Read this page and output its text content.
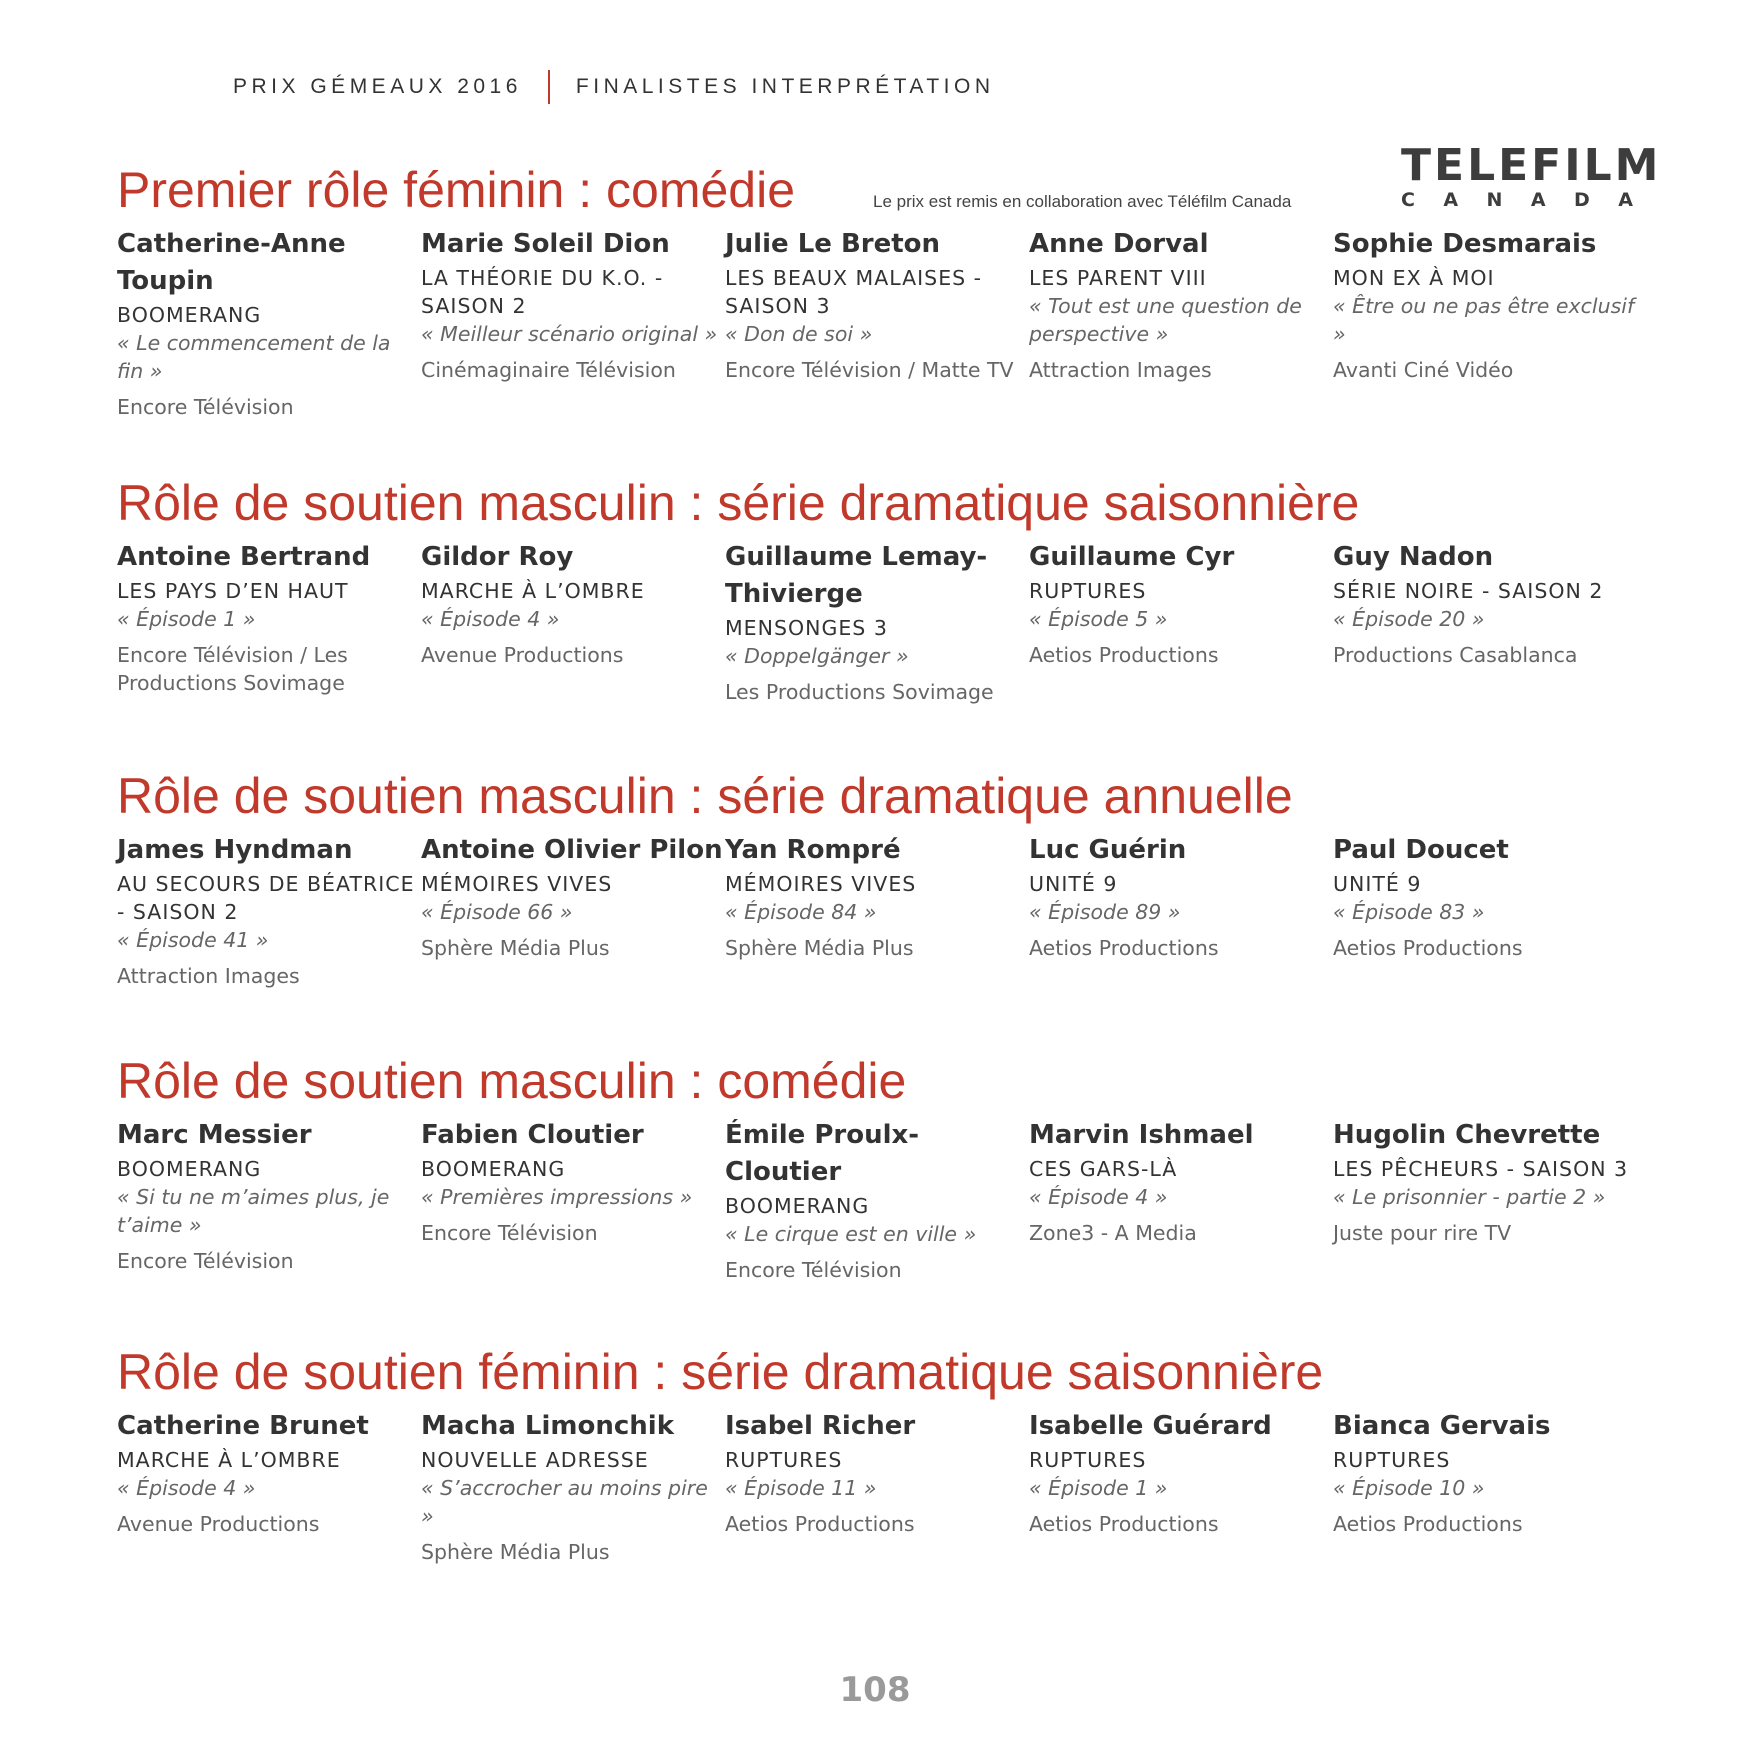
PRIX GÉMEAUX 2016	FINALISTES INTERPRÉTATION
TELEFILM
C A N A D A
Le prix est remis en collaboration avec Téléfilm Canada
Premier rôle féminin : comédie
Catherine-Anne Toupin
BOOMERANG
« Le commencement de la fin »
Encore Télévision
Marie Soleil Dion
LA THÉORIE DU K.O. - SAISON 2
« Meilleur scénario original »
Cinémaginaire Télévision
Julie Le Breton
LES BEAUX MALAISES - SAISON 3
« Don de soi »
Encore Télévision / Matte TV
Anne Dorval
LES PARENT VIII
« Tout est une question de perspective »
Attraction Images
Sophie Desmarais
MON EX À MOI
« Être ou ne pas être exclusif »
Avanti Ciné Vidéo
Rôle de soutien masculin : série dramatique saisonnière
Antoine Bertrand
LES PAYS D’EN HAUT
« Épisode 1 »
Encore Télévision / Les Productions Sovimage
Gildor Roy
MARCHE À L’OMBRE
« Épisode 4 »
Avenue Productions
Guillaume Lemay-Thivierge
MENSONGES 3
« Doppelgänger »
Les Productions Sovimage
Guillaume Cyr
RUPTURES
« Épisode 5 »
Aetios Productions
Guy Nadon
SÉRIE NOIRE - SAISON 2
« Épisode 20 »
Productions Casablanca
Rôle de soutien masculin : série dramatique annuelle
James Hyndman
AU SECOURS DE BÉATRICE - SAISON 2
« Épisode 41 »
Attraction Images
Antoine Olivier Pilon
MÉMOIRES VIVES
« Épisode 66 »
Sphère Média Plus
Yan Rompré
MÉMOIRES VIVES
« Épisode 84 »
Sphère Média Plus
Luc Guérin
UNITÉ 9
« Épisode 89 »
Aetios Productions
Paul Doucet
UNITÉ 9
« Épisode 83 »
Aetios Productions
Rôle de soutien masculin : comédie
Marc Messier
BOOMERANG
« Si tu ne m’aimes plus, je t’aime »
Encore Télévision
Fabien Cloutier
BOOMERANG
« Premières impressions »
Encore Télévision
Émile Proulx-Cloutier
BOOMERANG
« Le cirque est en ville »
Encore Télévision
Marvin Ishmael
CES GARS-LÀ
« Épisode 4 »
Zone3 - A Media
Hugolin Chevrette
LES PÊCHEURS - SAISON 3
« Le prisonnier - partie 2 »
Juste pour rire TV
Rôle de soutien féminin : série dramatique saisonnière
Catherine Brunet
MARCHE À L’OMBRE
« Épisode 4 »
Avenue Productions
Macha Limonchik
NOUVELLE ADRESSE
« S’accrocher au moins pire »
Sphère Média Plus
Isabel Richer
RUPTURES
« Épisode 11 »
Aetios Productions
Isabelle Guérard
RUPTURES
« Épisode 1 »
Aetios Productions
Bianca Gervais
RUPTURES
« Épisode 10 »
Aetios Productions
108
